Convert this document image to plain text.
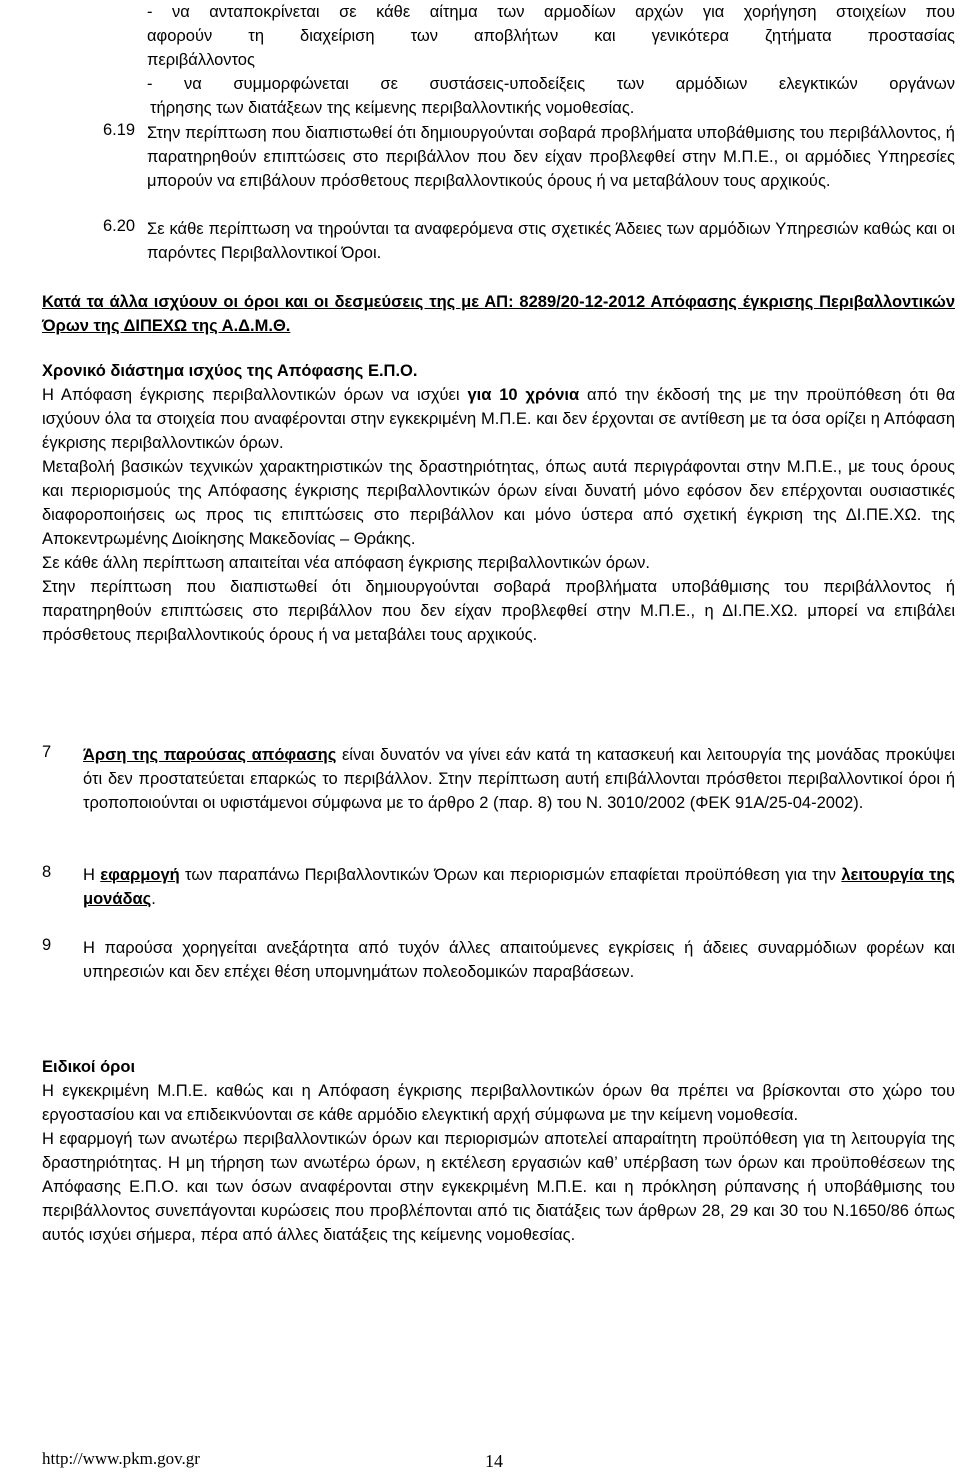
- να ανταποκρίνεται σε κάθε αίτημα των αρμοδίων αρχών για χορήγηση στοιχείων που

αφορούν τη διαχείριση των αποβλήτων και γενικότερα ζητήματα προστασίας

περιβάλλοντος

- να συμμορφώνεται σε συστάσεις-υποδείξεις των αρμόδιων ελεγκτικών οργάνων

τήρησης των διατάξεων της κείμενης περιβαλλοντικής νομοθεσίας.

6.19 Στην περίπτωση που διαπιστωθεί ότι δημιουργούνται σοβαρά προβλήματα υποβάθμισης του περιβάλλοντος, ή παρατηρηθούν επιπτώσεις στο περιβάλλον που δεν είχαν προβλεφθεί στην Μ.Π.Ε., οι αρμόδιες Υπηρεσίες μπορούν να επιβάλουν πρόσθετους περιβαλλοντικούς όρους ή να μεταβάλουν τους αρχικούς.
6.20 Σε κάθε περίπτωση να τηρούνται τα αναφερόμενα στις σχετικές Άδειες των αρμόδιων Υπηρεσιών καθώς και οι παρόντες Περιβαλλοντικοί Όροι.

Κατά τα άλλα ισχύουν οι όροι και οι δεσμεύσεις της με ΑΠ: 8289/20-12-2012 Απόφασης έγκρισης Περιβαλλοντικών Όρων της ΔΙΠΕΧΩ της Α.Δ.Μ.Θ.

Χρονικό διάστημα ισχύος της Απόφασης Ε.Π.Ο.

Η Απόφαση έγκρισης περιβαλλοντικών όρων να ισχύει για 10 χρόνια από την έκδοσή της με την προϋπόθεση ότι θα ισχύουν όλα τα στοιχεία που αναφέρονται στην εγκεκριμένη Μ.Π.Ε. και δεν έρχονται σε αντίθεση με τα όσα ορίζει η Απόφαση έγκρισης περιβαλλοντικών όρων.

Μεταβολή βασικών τεχνικών χαρακτηριστικών της δραστηριότητας, όπως αυτά περιγράφονται στην Μ.Π.Ε., με τους όρους και περιορισμούς της Απόφασης έγκρισης περιβαλλοντικών όρων είναι δυνατή μόνο εφόσον δεν επέρχονται ουσιαστικές διαφοροποιήσεις ως προς τις επιπτώσεις στο περιβάλλον και μόνο ύστερα από σχετική έγκριση της ΔΙ.ΠΕ.ΧΩ. της Αποκεντρωμένης Διοίκησης Μακεδονίας – Θράκης.

Σε κάθε άλλη περίπτωση απαιτείται νέα απόφαση έγκρισης περιβαλλοντικών όρων.

Στην περίπτωση που διαπιστωθεί ότι δημιουργούνται σοβαρά προβλήματα υποβάθμισης του περιβάλλοντος ή παρατηρηθούν επιπτώσεις στο περιβάλλον που δεν είχαν προβλεφθεί στην Μ.Π.Ε., η ΔΙ.ΠΕ.ΧΩ. μπορεί να επιβάλει πρόσθετους περιβαλλοντικούς όρους ή να μεταβάλει τους αρχικούς.

7	Άρση της παρούσας απόφασης είναι δυνατόν να γίνει εάν κατά τη κατασκευή και λειτουργία της μονάδας προκύψει ότι δεν προστατεύεται επαρκώς το περιβάλλον. Στην περίπτωση αυτή επιβάλλονται πρόσθετοι περιβαλλοντικοί όροι ή τροποποιούνται οι υφιστάμενοι σύμφωνα με το άρθρο 2 (παρ. 8) του Ν. 3010/2002 (ΦΕΚ 91Α/25-04-2002).
8	Η εφαρμογή των παραπάνω Περιβαλλοντικών Όρων και περιορισμών επαφίεται προϋπόθεση για την λειτουργία της μονάδας.
9	Η παρούσα χορηγείται ανεξάρτητα από τυχόν άλλες απαιτούμενες εγκρίσεις ή άδειες συναρμόδιων φορέων και υπηρεσιών και δεν επέχει θέση υπομνημάτων πολεοδομικών παραβάσεων.

Ειδικοί όροι

Η εγκεκριμένη Μ.Π.Ε. καθώς και η Απόφαση έγκρισης περιβαλλοντικών όρων θα πρέπει να βρίσκονται στο χώρο του εργοστασίου και να επιδεικνύονται σε κάθε αρμόδιο ελεγκτική αρχή σύμφωνα με την κείμενη νομοθεσία.

Η εφαρμογή των ανωτέρω περιβαλλοντικών όρων και περιορισμών αποτελεί απαραίτητη προϋπόθεση για τη λειτουργία της δραστηριότητας. Η μη τήρηση των ανωτέρω όρων, η εκτέλεση εργασιών καθ’ υπέρβαση των όρων και προϋποθέσεων της Απόφασης Ε.Π.Ο. και των όσων αναφέρονται στην εγκεκριμένη Μ.Π.Ε. και η πρόκληση ρύπανσης ή υποβάθμισης του περιβάλλοντος συνεπάγονται κυρώσεις που προβλέπονται από τις διατάξεις των άρθρων 28, 29 και 30 του Ν.1650/86 όπως αυτός ισχύει σήμερα, πέρα από άλλες διατάξεις της κείμενης νομοθεσίας.

http://www.pkm.gov.gr	14
